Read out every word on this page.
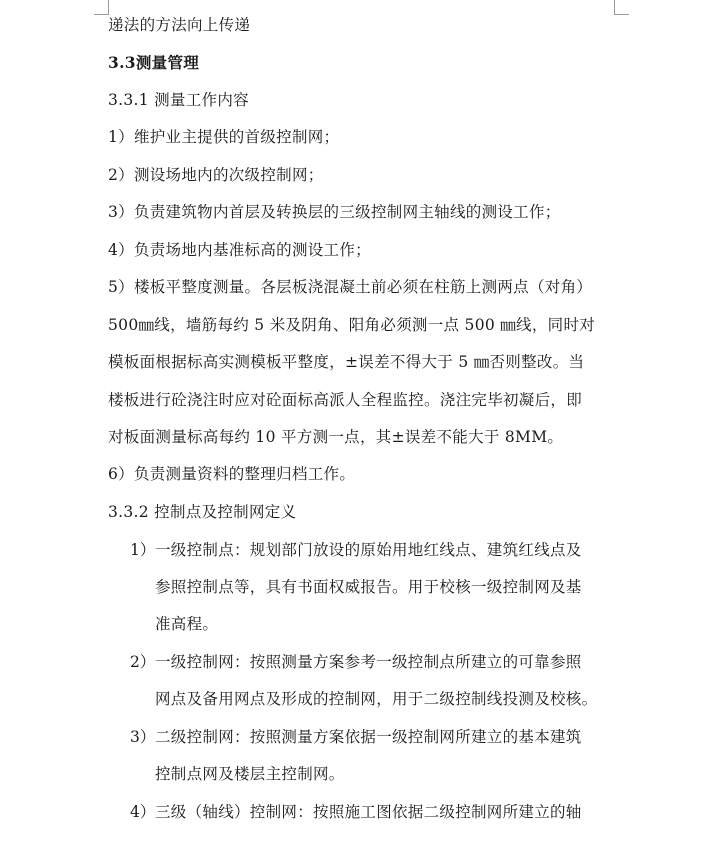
递法的方法向上传递
3.3测量管理
3.3.1 测量工作内容
1）维护业主提供的首级控制网；
2）测设场地内的次级控制网；
3）负责建筑物内首层及转换层的三级控制网主轴线的测设工作；
4）负责场地内基准标高的测设工作；
5）楼板平整度测量。各层板浇混凝土前必须在柱筋上测两点（对角）
500㎜线，墙筋每约 5 米及阴角、阳角必须测一点 500 ㎜线，同时对
模板面根据标高实测模板平整度，±误差不得大于 5 ㎜否则整改。当
楼板进行砼浇注时应对砼面标高派人全程监控。浇注完毕初凝后，即
对板面测量标高每约 10 平方测一点，其±误差不能大于 8MM。
6）负责测量资料的整理归档工作。
3.3.2 控制点及控制网定义
1） 一级控制点：规划部门放设的原始用地红线点、建筑红线点及
参照控制点等，具有书面权威报告。用于校核一级控制网及基
准高程。
2） 一级控制网：按照测量方案参考一级控制点所建立的可靠参照
网点及备用网点及形成的控制网，用于二级控制线投测及校核。
3） 二级控制网：按照测量方案依据一级控制网所建立的基本建筑
控制点网及楼层主控制网。
4） 三级（轴线）控制网：按照施工图依据二级控制网所建立的轴
